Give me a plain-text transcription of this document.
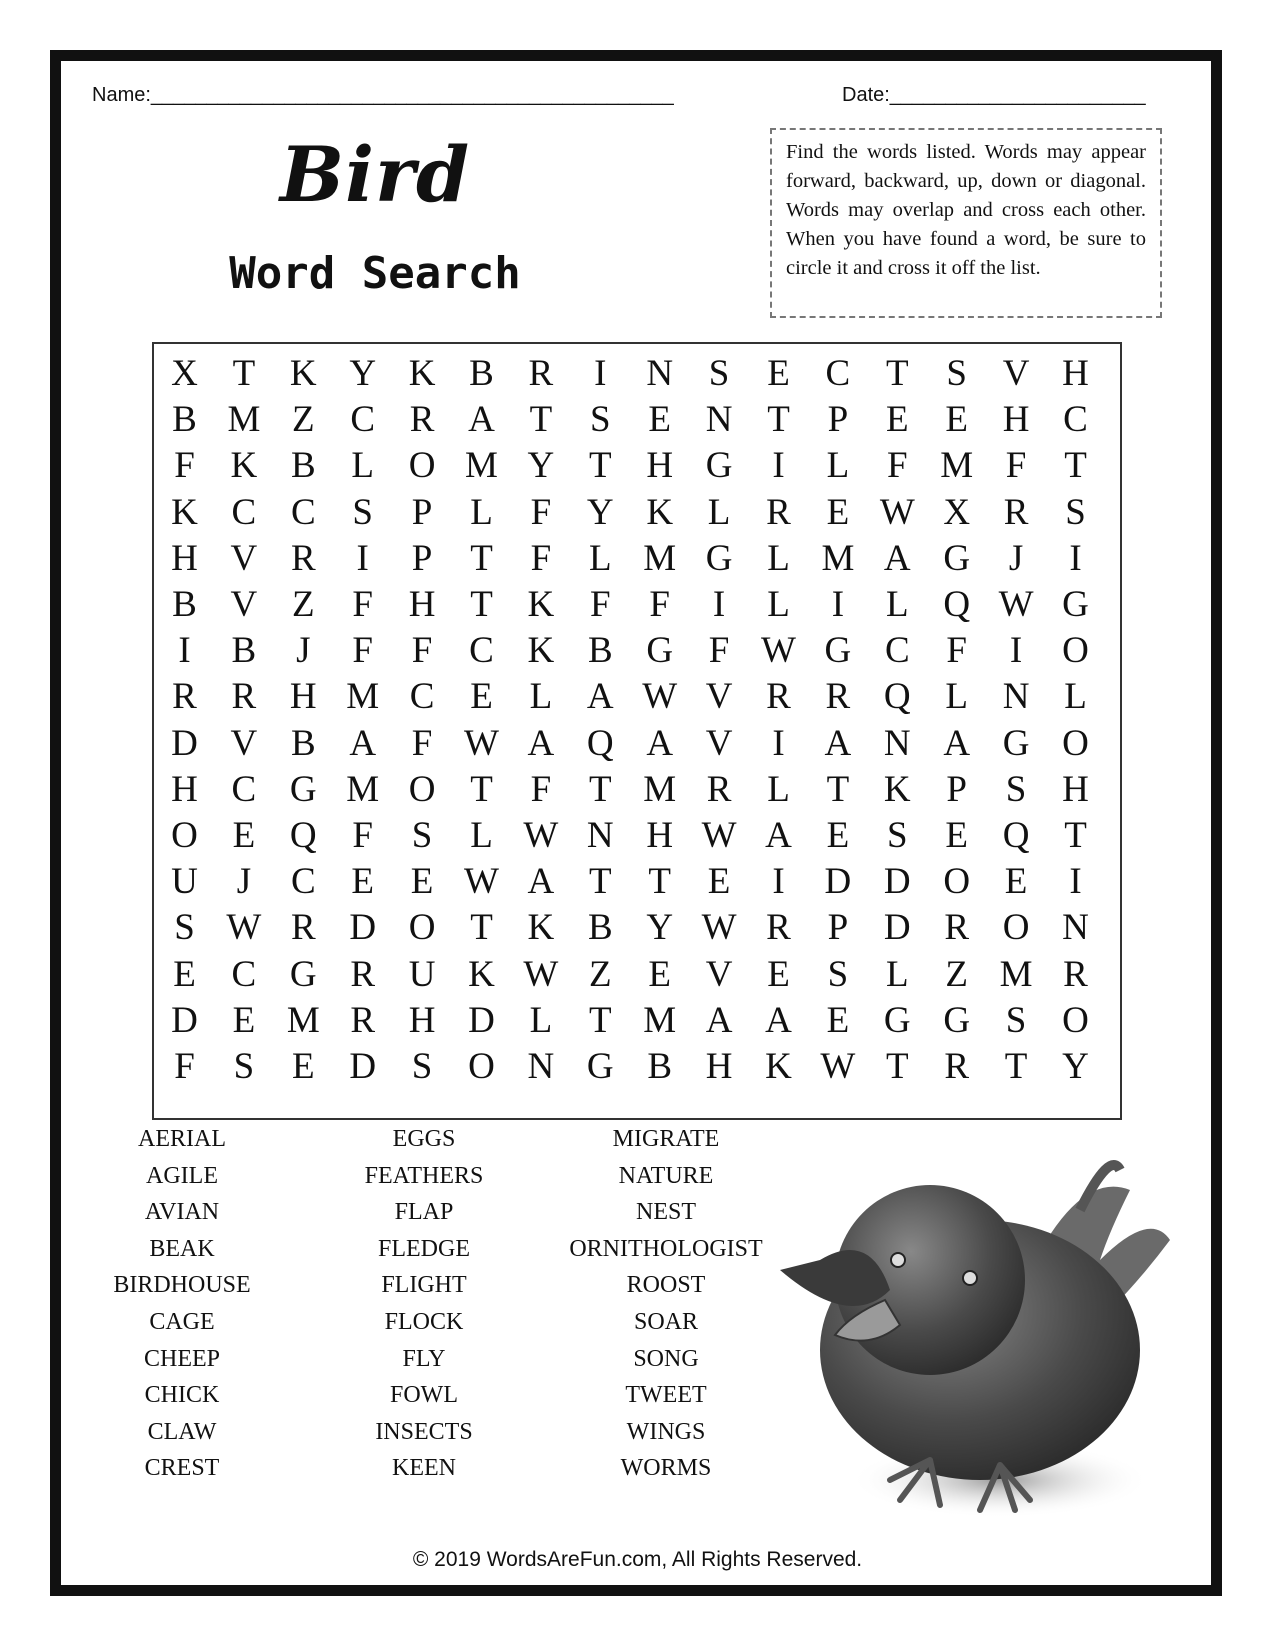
Name:_______________________________________________	Date:_______________________
Bird
Word Search
Find the words listed. Words may appear forward, backward, up, down or diagonal. Words may overlap and cross each other. When you have found a word, be sure to circle it and cross it off the list.
X T K Y K B R	I	N S	E C T	S V H
B M Z C R A T	S	E N T	P	E E H C
F K B L O M Y T H G	I	L	F M F	T
K C C S	P	L	F Y K L R E W X R S
H V R	I	P	T	F	L M G L M A G	J	I
B V Z	F H T K F	F	I	L	I	L Q W G
I	B	J	F	F C K B G F W G C F	I	O
R R H M C E L A W V R R Q L N L
D V B A F W A Q A V	I	A N A G O
H C G M O T	F	T M R L T K P	S H
O E Q F	S	L W N H W A E	S	E Q T
U	J	C E E W A T T E	I	D D O E	I
S W R D O T K B Y W R P D R O N
E C G R U K W Z E V E	S	L Z M R
D E M R H D L T M A A E G G S O
F	S	E D S O N G B H K W T R T Y
AERIAL
AGILE
AVIAN
BEAK
BIRDHOUSE
CAGE
CHEEP
CHICK
CLAW
CREST
EGGS
FEATHERS
FLAP
FLEDGE
FLIGHT
FLOCK
FLY
FOWL
INSECTS
KEEN
MIGRATE
NATURE
NEST
ORNITHOLOGIST
ROOST
SOAR
SONG
TWEET
WINGS
WORMS
© 2019 WordsAreFun.com, All Rights Reserved.
